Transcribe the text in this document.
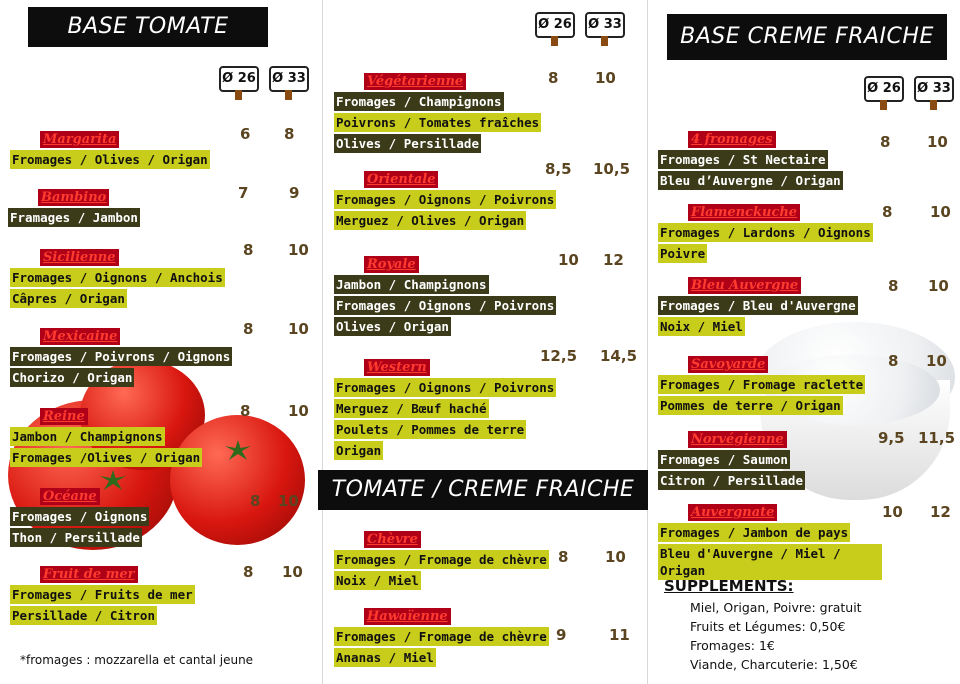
BASE TOMATE
Ø 26 Ø 33
Margarita
Fromages / Olives / Origan
6 8
Bambino
Framages / Jambon
7	9
Sicilienne
Fromages / Oignons / Anchois
Câpres / Origan
8 10
Mexicaine
Fromages / Poivrons / Oignons
Chorizo / Origan
8 10
Reine
Jambon / Champignons
Fromages /Olives / Origan
8	10
Océane
Fromages / Oignons
Thon / Persillade
8 10
Fruit de mer
Fromages / Fruits de mer
Persillade / Citron
8 10
*fromages : mozzarella et cantal jeune
Ø 26 Ø 33
Végétarienne
Fromages / Champignons
Poivrons / Tomates fraîches
Olives / Persillade
8 10
Orientale
Fromages / Oignons / Poivrons
Merguez / Olives / Origan
8,5 10,5
Royale
Jambon / Champignons
Fromages / Oignons / Poivrons
Olives / Origan
10 12
Western
Fromages / Oignons / Poivrons
Merguez / Bœuf haché
Poulets / Pommes de terre
Origan
12,5 14,5
TOMATE / CREME FRAICHE
Chèvre
Fromages / Fromage de chèvre
Noix / Miel
8 10
Hawaïenne
Fromages / Fromage de chèvre
Ananas / Miel
9	11
BASE CREME FRAICHE
Ø 26 Ø 33
4 fromages
Fromages / St Nectaire
Bleu d’Auvergne / Origan
8 10
Flamenckuche
Fromages / Lardons / Oignons
Poivre
8	10
Bleu Auvergne
Fromages / Bleu d'Auvergne
Noix / Miel
8 10
Savoyarde
Fromages / Fromage raclette
Pommes de terre / Origan
8 10
Norvégienne
Fromages / Saumon
Citron / Persillade
9,5 11,5
Auvergnate
Fromages / Jambon de pays
Bleu d'Auvergne / Miel / Origan
10 12
SUPPLEMENTS:
Miel, Origan, Poivre: gratuit
Fruits et Légumes: 0,50€
Fromages: 1€
Viande, Charcuterie: 1,50€
